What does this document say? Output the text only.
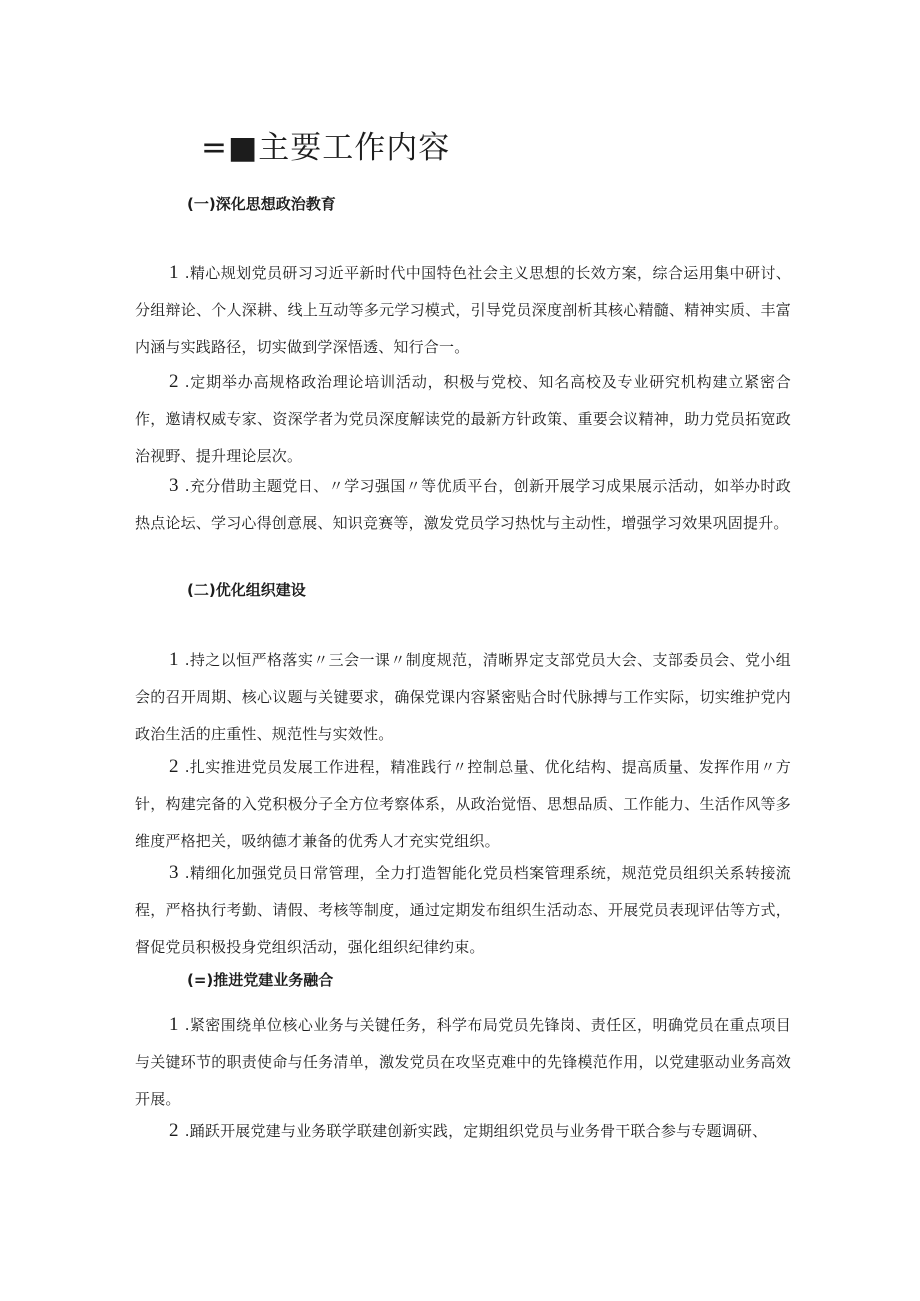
=■主要工作内容
(一)深化思想政治教育

1 .精心规划党员研习习近平新时代中国特色社会主义思想的长效方案，综合运用集中研讨、分组辩论、个人深耕、线上互动等多元学习模式，引导党员深度剖析其核心精髓、精神实质、丰富内涵与实践路径，切实做到学深悟透、知行合一。

2 .定期举办高规格政治理论培训活动，积极与党校、知名高校及专业研究机构建立紧密合作，邀请权威专家、资深学者为党员深度解读党的最新方针政策、重要会议精神，助力党员拓宽政治视野、提升理论层次。

3 .充分借助主题党日、〃学习强国〃等优质平台，创新开展学习成果展示活动，如举办时政热点论坛、学习心得创意展、知识竞赛等，激发党员学习热忱与主动性，增强学习效果巩固提升。

(二)优化组织建设

1 .持之以恒严格落实〃三会一课〃制度规范，清晰界定支部党员大会、支部委员会、党小组会的召开周期、核心议题与关键要求，确保党课内容紧密贴合时代脉搏与工作实际，切实维护党内政治生活的庄重性、规范性与实效性。

2 .扎实推进党员发展工作进程，精准践行〃控制总量、优化结构、提高质量、发挥作用〃方针，构建完备的入党积极分子全方位考察体系，从政治觉悟、思想品质、工作能力、生活作风等多维度严格把关，吸纳德才兼备的优秀人才充实党组织。

3 .精细化加强党员日常管理，全力打造智能化党员档案管理系统，规范党员组织关系转接流程，严格执行考勤、请假、考核等制度，通过定期发布组织生活动态、开展党员表现评估等方式，督促党员积极投身党组织活动，强化组织纪律约束。

(=)推进党建业务融合

1 .紧密围绕单位核心业务与关键任务，科学布局党员先锋岗、责任区，明确党员在重点项目与关键环节的职责使命与任务清单，激发党员在攻坚克难中的先锋模范作用，以党建驱动业务高效开展。

2 .踊跃开展党建与业务联学联建创新实践，定期组织党员与业务骨干联合参与专题调研、
